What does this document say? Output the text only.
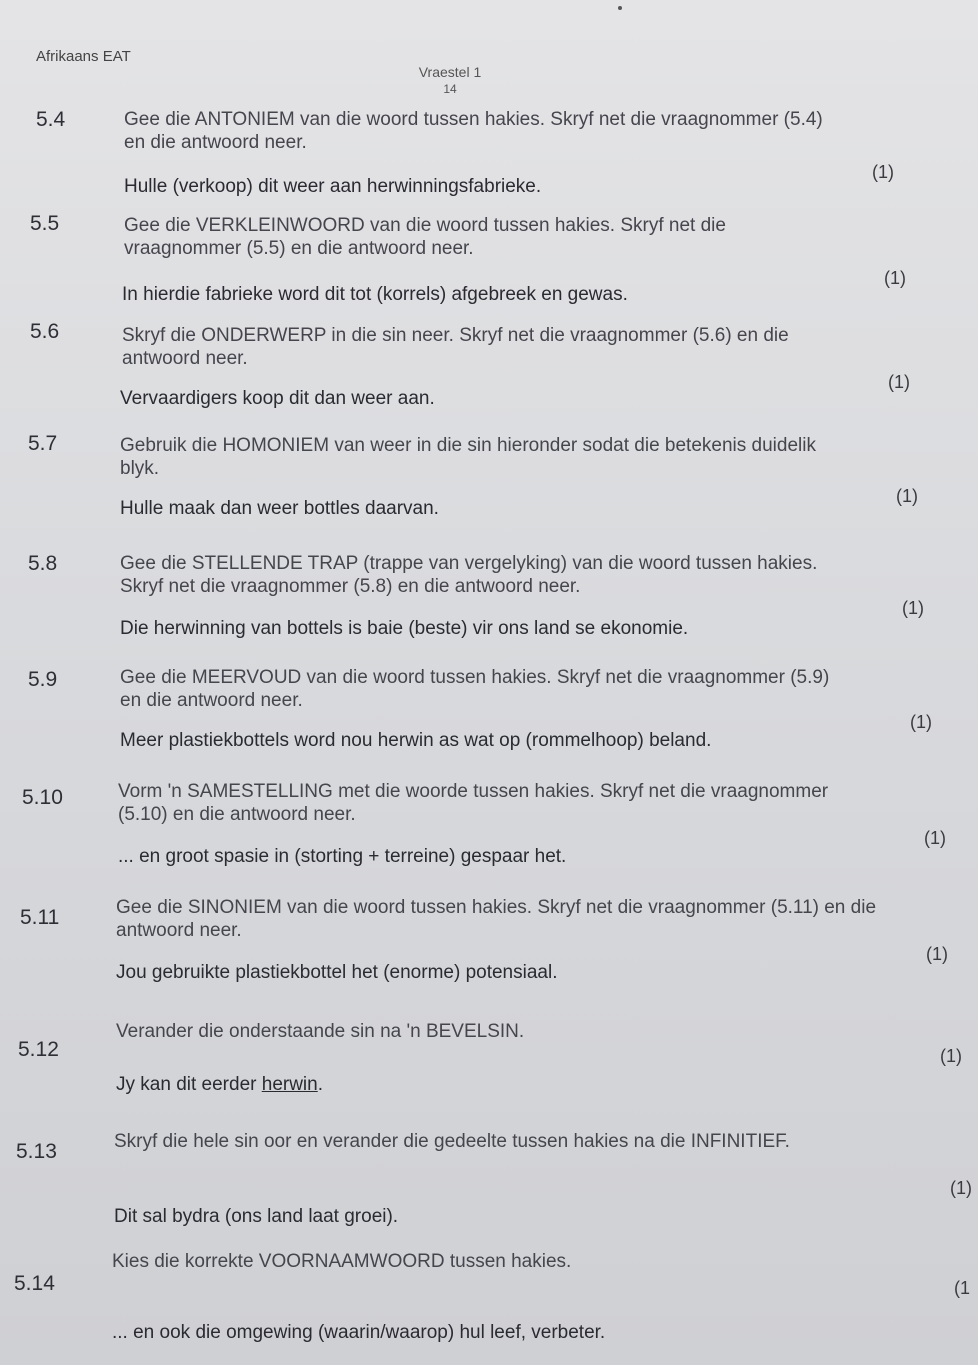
Afrikaans EAT
Vraestel 1
14
5.4	Gee die ANTONIEM van die woord tussen hakies. Skryf net die vraagnommer (5.4) en die antwoord neer.
Hulle (verkoop) dit weer aan herwinningsfabrieke.
(1)
5.5	Gee die VERKLEINWOORD van die woord tussen hakies. Skryf net die vraagnommer (5.5) en die antwoord neer.
In hierdie fabrieke word dit tot (korrels) afgebreek en gewas.
(1)
5.6	Skryf die ONDERWERP in die sin neer. Skryf net die vraagnommer (5.6) en die antwoord neer.
Vervaardigers koop dit dan weer aan.
(1)
5.7	Gebruik die HOMONIEM van weer in die sin hieronder sodat die betekenis duidelik blyk.
Hulle maak dan weer bottles daarvan.
(1)
5.8	Gee die STELLENDE TRAP (trappe van vergelyking) van die woord tussen hakies. Skryf net die vraagnommer (5.8) en die antwoord neer.
Die herwinning van bottels is baie (beste) vir ons land se ekonomie.
(1)
5.9	Gee die MEERVOUD van die woord tussen hakies. Skryf net die vraagnommer (5.9) en die antwoord neer.
Meer plastiekbottels word nou herwin as wat op (rommelhoop) beland.
(1)
5.10	Vorm 'n SAMESTELLING met die woorde tussen hakies. Skryf net die vraagnommer (5.10) en die antwoord neer.
... en groot spasie in (storting + terreine) gespaar het.
(1)
5.11	Gee die SINONIEM van die woord tussen hakies. Skryf net die vraagnommer (5.11) en die antwoord neer.
Jou gebruikte plastiekbottel het (enorme) potensiaal.
(1)
5.12
Verander die onderstaande sin na 'n BEVELSIN.
Jy kan dit eerder herwin.
(1)
5.13	Skryf die hele sin oor en verander die gedeelte tussen hakies na die INFINITIEF.
Dit sal bydra (ons land laat groei).
(1)
5.14
Kies die korrekte VOORNAAMWOORD tussen hakies.
... en ook die omgewing (waarin/waarop) hul leef, verbeter.
(1
